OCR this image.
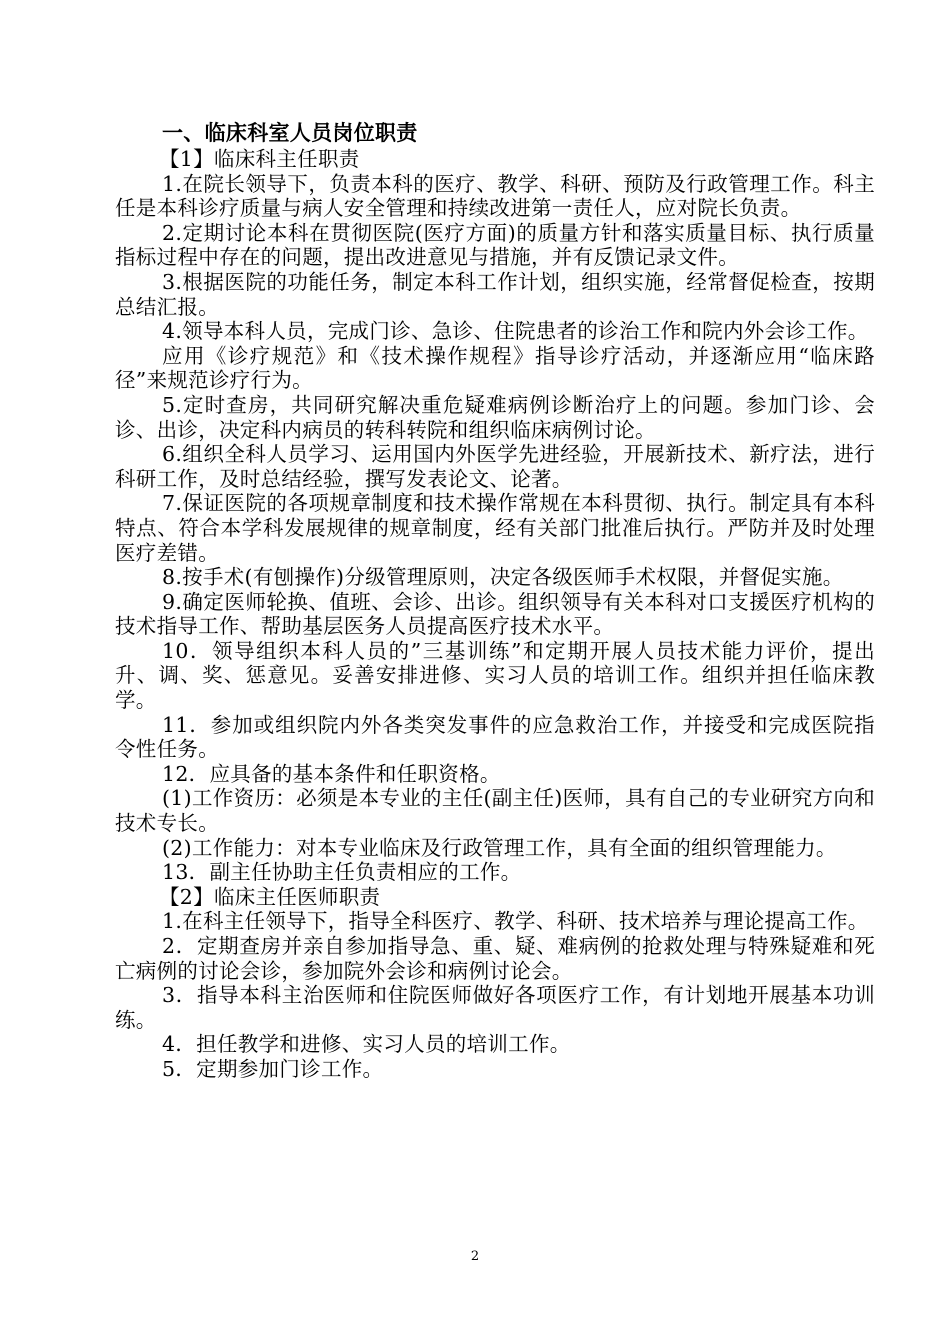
一、临床科室人员岗位职责
【1】临床科主任职责

1.在院长领导下，负责本科的医疗、教学、科研、预防及行政管理工作。科主任是本科诊疗质量与病人安全管理和持续改进第一责任人，应对院长负责。

2.定期讨论本科在贯彻医院(医疗方面)的质量方针和落实质量目标、执行质量指标过程中存在的问题，提出改进意见与措施，并有反馈记录文件。

3.根据医院的功能任务，制定本科工作计划，组织实施，经常督促检查，按期总结汇报。

4.领导本科人员，完成门诊、急诊、住院患者的诊治工作和院内外会诊工作。

应用《诊疗规范》和《技术操作规程》指导诊疗活动，并逐渐应用“临床路径”来规范诊疗行为。

5.定时查房，共同研究解决重危疑难病例诊断治疗上的问题。参加门诊、会诊、出诊，决定科内病员的转科转院和组织临床病例讨论。

6.组织全科人员学习、运用国内外医学先进经验，开展新技术、新疗法，进行科研工作，及时总结经验，撰写发表论文、论著。

7.保证医院的各项规章制度和技术操作常规在本科贯彻、执行。制定具有本科特点、符合本学科发展规律的规章制度，经有关部门批准后执行。严防并及时处理医疗差错。

8.按手术(有刨操作)分级管理原则，决定各级医师手术权限，并督促实施。

9.确定医师轮换、值班、会诊、出诊。组织领导有关本科对口支援医疗机构的技术指导工作、帮助基层医务人员提高医疗技术水平。

10．领导组织本科人员的”三基训练”和定期开展人员技术能力评价，提出升、调、奖、惩意见。妥善安排进修、实习人员的培训工作。组织并担任临床教学。

11．参加或组织院内外各类突发事件的应急救治工作，并接受和完成医院指令性任务。

12．应具备的基本条件和任职资格。

(1)工作资历：必须是本专业的主任(副主任)医师，具有自己的专业研究方向和技术专长。

(2)工作能力：对本专业临床及行政管理工作，具有全面的组织管理能力。

13．副主任协助主任负责相应的工作。

【2】临床主任医师职责

1.在科主任领导下，指导全科医疗、教学、科研、技术培养与理论提高工作。

2．定期查房并亲自参加指导急、重、疑、难病例的抢救处理与特殊疑难和死亡病例的讨论会诊，参加院外会诊和病例讨论会。

3．指导本科主治医师和住院医师做好各项医疗工作，有计划地开展基本功训练。

4．担任教学和进修、实习人员的培训工作。

5．定期参加门诊工作。

2
